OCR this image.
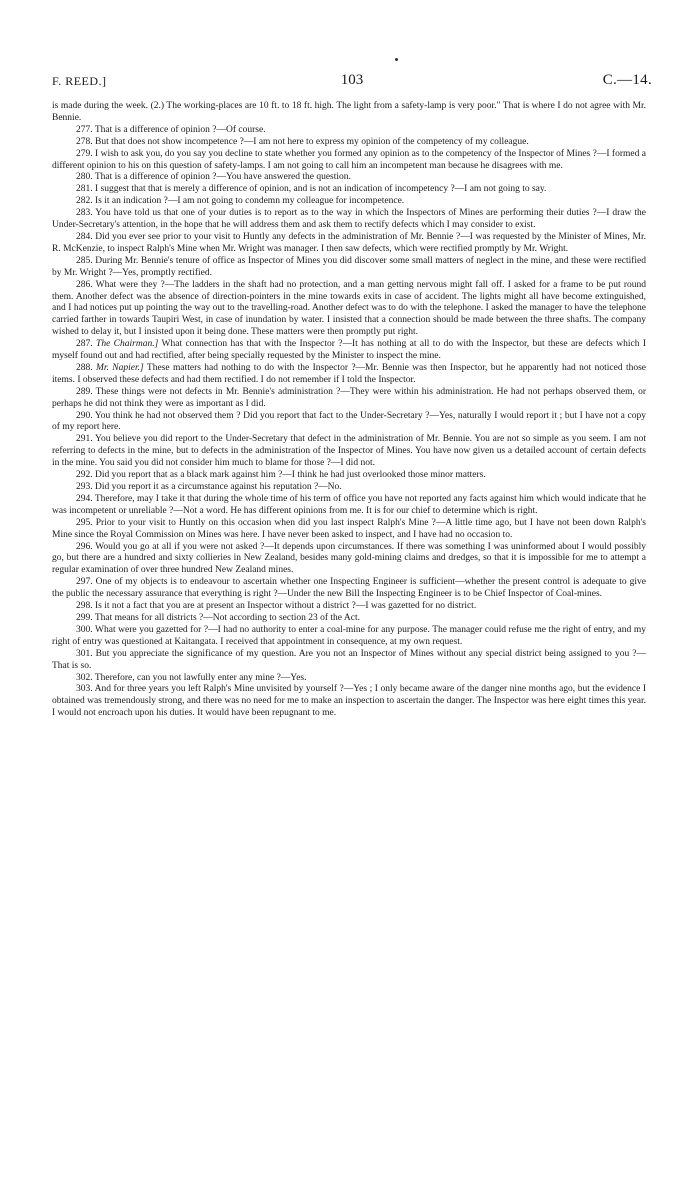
F. REED.]	103	C.—14.

is made during the week. (2.) The working-places are 10 ft. to 18 ft. high. The light from a safety-lamp is very poor." That is where I do not agree with Mr. Bennie.

277. That is a difference of opinion ?—Of course.

278. But that does not show incompetence ?—I am not here to express my opinion of the competency of my colleague.

279. I wish to ask you, do you say you decline to state whether you formed any opinion as to the competency of the Inspector of Mines ?—I formed a different opinion to his on this question of safety-lamps. I am not going to call him an incompetent man because he disagrees with me.

280. That is a difference of opinion ?—You have answered the question.

281. I suggest that that is merely a difference of opinion, and is not an indication of incompetency ?—I am not going to say.

282. Is it an indication ?—I am not going to condemn my colleague for incompetence.

283. You have told us that one of your duties is to report as to the way in which the Inspectors of Mines are performing their duties ?—I draw the Under-Secretary's attention, in the hope that he will address them and ask them to rectify defects which I may consider to exist.

284. Did you ever see prior to your visit to Huntly any defects in the administration of Mr. Bennie ?—I was requested by the Minister of Mines, Mr. R. McKenzie, to inspect Ralph's Mine when Mr. Wright was manager. I then saw defects, which were rectified promptly by Mr. Wright.

285. During Mr. Bennie's tenure of office as Inspector of Mines you did discover some small matters of neglect in the mine, and these were rectified by Mr. Wright ?—Yes, promptly rectified.

286. What were they ?—The ladders in the shaft had no protection, and a man getting nervous might fall off. I asked for a frame to be put round them. Another defect was the absence of direction-pointers in the mine towards exits in case of accident. The lights might all have become extinguished, and I had notices put up pointing the way out to the travelling-road. Another defect was to do with the telephone. I asked the manager to have the telephone carried farther in towards Taupiri West, in case of inundation by water. I insisted that a connection should be made between the three shafts. The company wished to delay it, but I insisted upon it being done. These matters were then promptly put right.

287. The Chairman.] What connection has that with the Inspector ?—It has nothing at all to do with the Inspector, but these are defects which I myself found out and had rectified, after being specially requested by the Minister to inspect the mine.

288. Mr. Napier.] These matters had nothing to do with the Inspector ?—Mr. Bennie was then Inspector, but he apparently had not noticed those items. I observed these defects and had them rectified. I do not remember if I told the Inspector.

289. These things were not defects in Mr. Bennie's administration ?—They were within his administration. He had not perhaps observed them, or perhaps he did not think they were as important as I did.

290. You think he had not observed them ? Did you report that fact to the Under-Secretary ?—Yes, naturally I would report it ; but I have not a copy of my report here.

291. You believe you did report to the Under-Secretary that defect in the administration of Mr. Bennie. You are not so simple as you seem. I am not referring to defects in the mine, but to defects in the administration of the Inspector of Mines. You have now given us a detailed account of certain defects in the mine. You said you did not consider him much to blame for those ?—I did not.

292. Did you report that as a black mark against him ?—I think he had just overlooked those minor matters.

293. Did you report it as a circumstance against his reputation ?—No.

294. Therefore, may I take it that during the whole time of his term of office you have not reported any facts against him which would indicate that he was incompetent or unreliable ?—Not a word. He has different opinions from me. It is for our chief to determine which is right.

295. Prior to your visit to Huntly on this occasion when did you last inspect Ralph's Mine ?—A little time ago, but I have not been down Ralph's Mine since the Royal Commission on Mines was here. I have never been asked to inspect, and I have had no occasion to.

296. Would you go at all if you were not asked ?—It depends upon circumstances. If there was something I was uninformed about I would possibly go, but there are a hundred and sixty collieries in New Zealand, besides many gold-mining claims and dredges, so that it is impossible for me to attempt a regular examination of over three hundred New Zealand mines.

297. One of my objects is to endeavour to ascertain whether one Inspecting Engineer is sufficient—whether the present control is adequate to give the public the necessary assurance that everything is right ?—Under the new Bill the Inspecting Engineer is to be Chief Inspector of Coal-mines.

298. Is it not a fact that you are at present an Inspector without a district ?—I was gazetted for no district.

299. That means for all districts ?—Not according to section 23 of the Act.

300. What were you gazetted for ?—I had no authority to enter a coal-mine for any purpose. The manager could refuse me the right of entry, and my right of entry was questioned at Kaitangata. I received that appointment in consequence, at my own request.

301. But you appreciate the significance of my question. Are you not an Inspector of Mines without any special district being assigned to you ?—That is so.

302. Therefore, can you not lawfully enter any mine ?—Yes.

303. And for three years you left Ralph's Mine unvisited by yourself ?—Yes ; I only became aware of the danger nine months ago, but the evidence I obtained was tremendously strong, and there was no need for me to make an inspection to ascertain the danger. The Inspector was here eight times this year. I would not encroach upon his duties. It would have been repugnant to me.
